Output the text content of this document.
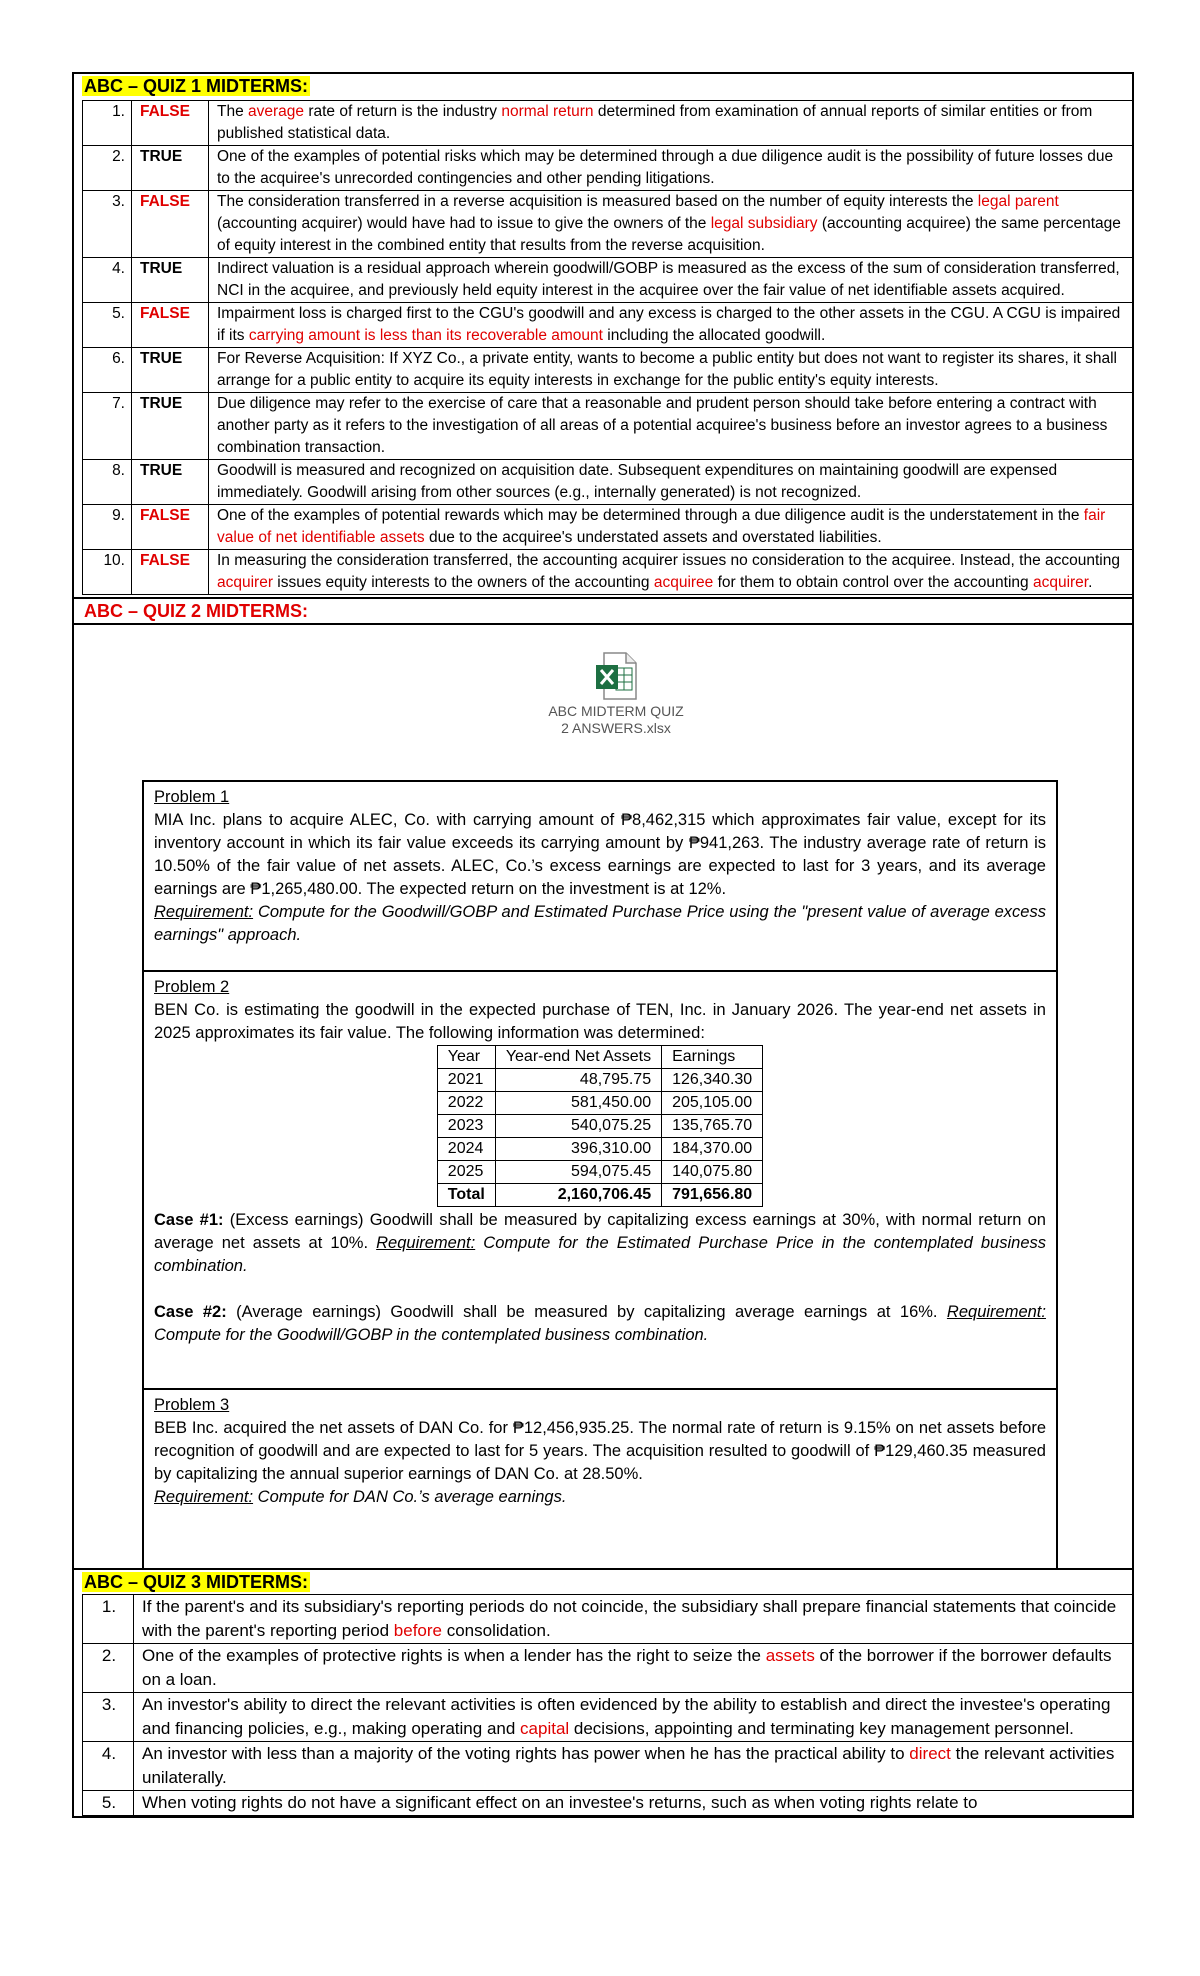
ABC – QUIZ 1 MIDTERMS:
1.	FALSE	The average rate of return is the industry normal return determined from examination of annual reports of similar entities or from published statistical data.
2.	TRUE	One of the examples of potential risks which may be determined through a due diligence audit is the possibility of future losses due to the acquiree's unrecorded contingencies and other pending litigations.
3.	FALSE	The consideration transferred in a reverse acquisition is measured based on the number of equity interests the legal parent (accounting acquirer) would have had to issue to give the owners of the legal subsidiary (accounting acquiree) the same percentage of equity interest in the combined entity that results from the reverse acquisition.
4.	TRUE	Indirect valuation is a residual approach wherein goodwill/GOBP is measured as the excess of the sum of consideration transferred, NCI in the acquiree, and previously held equity interest in the acquiree over the fair value of net identifiable assets acquired.
5.	FALSE	Impairment loss is charged first to the CGU's goodwill and any excess is charged to the other assets in the CGU. A CGU is impaired if its carrying amount is less than its recoverable amount including the allocated goodwill.
6.	TRUE	For Reverse Acquisition: If XYZ Co., a private entity, wants to become a public entity but does not want to register its shares, it shall arrange for a public entity to acquire its equity interests in exchange for the public entity's equity interests.
7.	TRUE	Due diligence may refer to the exercise of care that a reasonable and prudent person should take before entering a contract with another party as it refers to the investigation of all areas of a potential acquiree's business before an investor agrees to a business combination transaction.
8.	TRUE	Goodwill is measured and recognized on acquisition date. Subsequent expenditures on maintaining goodwill are expensed immediately. Goodwill arising from other sources (e.g., internally generated) is not recognized.
9.	FALSE	One of the examples of potential rewards which may be determined through a due diligence audit is the understatement in the fair value of net identifiable assets due to the acquiree's understated assets and overstated liabilities.
10.	FALSE	In measuring the consideration transferred, the accounting acquirer issues no consideration to the acquiree. Instead, the accounting acquirer issues equity interests to the owners of the accounting acquiree for them to obtain control over the accounting acquirer.
ABC – QUIZ 2 MIDTERMS:
ABC MIDTERM QUIZ
2 ANSWERS.xlsx
Problem 1
MIA Inc. plans to acquire ALEC, Co. with carrying amount of ₱8,462,315 which approximates fair value, except for its inventory account in which its fair value exceeds its carrying amount by ₱941,263. The industry average rate of return is 10.50% of the fair value of net assets. ALEC, Co.’s excess earnings are expected to last for 3 years, and its average earnings are ₱1,265,480.00. The expected return on the investment is at 12%.
Requirement: Compute for the Goodwill/GOBP and Estimated Purchase Price using the "present value of average excess earnings" approach.
Problem 2
BEN Co. is estimating the goodwill in the expected purchase of TEN, Inc. in January 2026. The year-end net assets in 2025 approximates its fair value. The following information was determined:
Year	Year-end Net Assets	Earnings
2021	48,795.75	126,340.30
2022	581,450.00	205,105.00
2023	540,075.25	135,765.70
2024	396,310.00	184,370.00
2025	594,075.45	140,075.80
Total	2,160,706.45	791,656.80
Case #1: (Excess earnings) Goodwill shall be measured by capitalizing excess earnings at 30%, with normal return on average net assets at 10%. Requirement: Compute for the Estimated Purchase Price in the contemplated business combination.
Case #2: (Average earnings) Goodwill shall be measured by capitalizing average earnings at 16%. Requirement: Compute for the Goodwill/GOBP in the contemplated business combination.
Problem 3
BEB Inc. acquired the net assets of DAN Co. for ₱12,456,935.25. The normal rate of return is 9.15% on net assets before recognition of goodwill and are expected to last for 5 years. The acquisition resulted to goodwill of ₱129,460.35 measured by capitalizing the annual superior earnings of DAN Co. at 28.50%.
Requirement: Compute for DAN Co.’s average earnings.
ABC – QUIZ 3 MIDTERMS:
1.	If the parent's and its subsidiary's reporting periods do not coincide, the subsidiary shall prepare financial statements that coincide with the parent's reporting period before consolidation.
2.	One of the examples of protective rights is when a lender has the right to seize the assets of the borrower if the borrower defaults on a loan.
3.	An investor's ability to direct the relevant activities is often evidenced by the ability to establish and direct the investee's operating and financing policies, e.g., making operating and capital decisions, appointing and terminating key management personnel.
4.	An investor with less than a majority of the voting rights has power when he has the practical ability to direct the relevant activities unilaterally.
5.	When voting rights do not have a significant effect on an investee's returns, such as when voting rights relate to
